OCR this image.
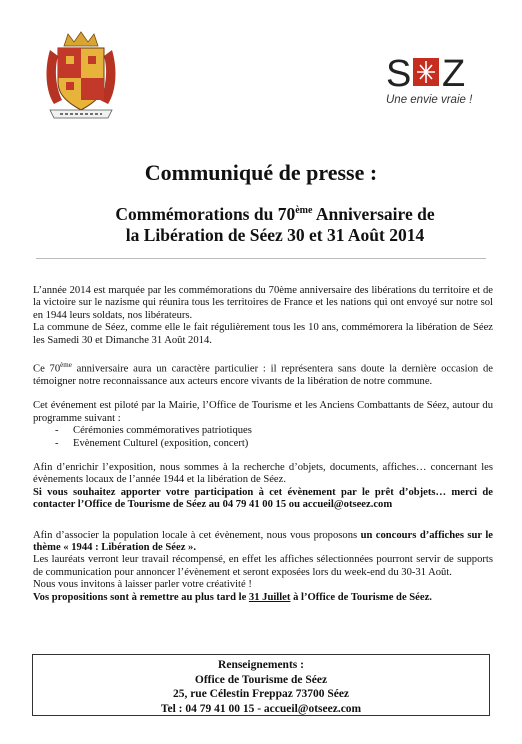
S Z
Une envie vraie !
Communiqué de presse :
Commémorations du 70ème Anniversaire de
la Libération de Séez 30 et 31 Août 2014

L’année 2014 est marquée par les commémorations du 70ème anniversaire des libérations du territoire et de la victoire sur le nazisme qui réunira tous les territoires de France et les nations qui ont envoyé sur notre sol en 1944 leurs soldats, nos libérateurs.

La commune de Séez, comme elle le fait régulièrement tous les 10 ans, commémorera la libération de Séez les Samedi 30 et Dimanche 31 Août 2014.

Ce 70ème anniversaire aura un caractère particulier : il représentera sans doute la dernière occasion de témoigner notre reconnaissance aux acteurs encore vivants de la libération de notre commune.

Cet événement est piloté par la Mairie, l’Office de Tourisme et les Anciens Combattants de Séez, autour du programme suivant :

- Cérémonies commémoratives patriotiques
- Evènement Culturel (exposition, concert)

Afin d’enrichir l’exposition, nous sommes à la recherche d’objets, documents, affiches… concernant les évènements locaux de l’année 1944 et la libération de Séez.

Si vous souhaitez apporter votre participation à cet évènement par le prêt d’objets… merci de contacter l’Office de Tourisme de Séez au 04 79 41 00 15 ou accueil@otseez.com

Afin d’associer la population locale à cet évènement, nous vous proposons un concours d’affiches sur le thème « 1944 : Libération de Séez ».

Les lauréats verront leur travail récompensé, en effet les affiches sélectionnées pourront servir de supports de communication pour annoncer l’évènement et seront exposées lors du week-end du 30-31 Août.

Nous vous invitons à laisser parler votre créativité !

Vos propositions sont à remettre au plus tard le 31 Juillet à l’Office de Tourisme de Séez.

Renseignements :
Office de Tourisme de Séez
25, rue Célestin Freppaz 73700 Séez
Tel : 04 79 41 00 15 - accueil@otseez.com
